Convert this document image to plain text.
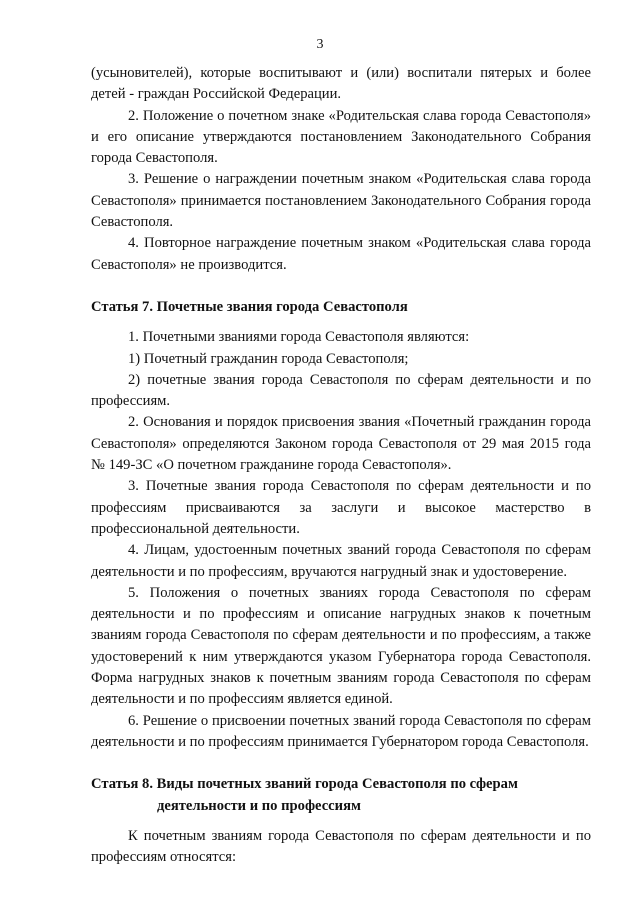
3

(усыновителей), которые воспитывают и (или) воспитали пятерых и более детей - граждан Российской Федерации.

2. Положение о почетном знаке «Родительская слава города Севастополя» и его описание утверждаются постановлением Законодательного Собрания города Севастополя.

3. Решение о награждении почетным знаком «Родительская слава города Севастополя» принимается постановлением Законодательного Собрания города Севастополя.

4. Повторное награждение почетным знаком «Родительская слава города Севастополя» не производится.

Статья 7. Почетные звания города Севастополя

1. Почетными званиями города Севастополя являются:

1) Почетный гражданин города Севастополя;

2) почетные звания города Севастополя по сферам деятельности и по профессиям.

2. Основания и порядок присвоения звания «Почетный гражданин города Севастополя» определяются Законом города Севастополя от 29 мая 2015 года № 149-ЗС «О почетном гражданине города Севастополя».

3. Почетные звания города Севастополя по сферам деятельности и по профессиям присваиваются за заслуги и высокое мастерство в профессиональной деятельности.

4. Лицам, удостоенным почетных званий города Севастополя по сферам деятельности и по профессиям, вручаются нагрудный знак и удостоверение.

5. Положения о почетных званиях города Севастополя по сферам деятельности и по профессиям и описание нагрудных знаков к почетным званиям города Севастополя по сферам деятельности и по профессиям, а также удостоверений к ним утверждаются указом Губернатора города Севастополя. Форма нагрудных знаков к почетным званиям города Севастополя по сферам деятельности и по профессиям является единой.

6. Решение о присвоении почетных званий города Севастополя по сферам деятельности и по профессиям принимается Губернатором города Севастополя.

Статья 8. Виды почетных званий города Севастополя по сферам
деятельности и по профессиям

К почетным званиям города Севастополя по сферам деятельности и по профессиям относятся:
